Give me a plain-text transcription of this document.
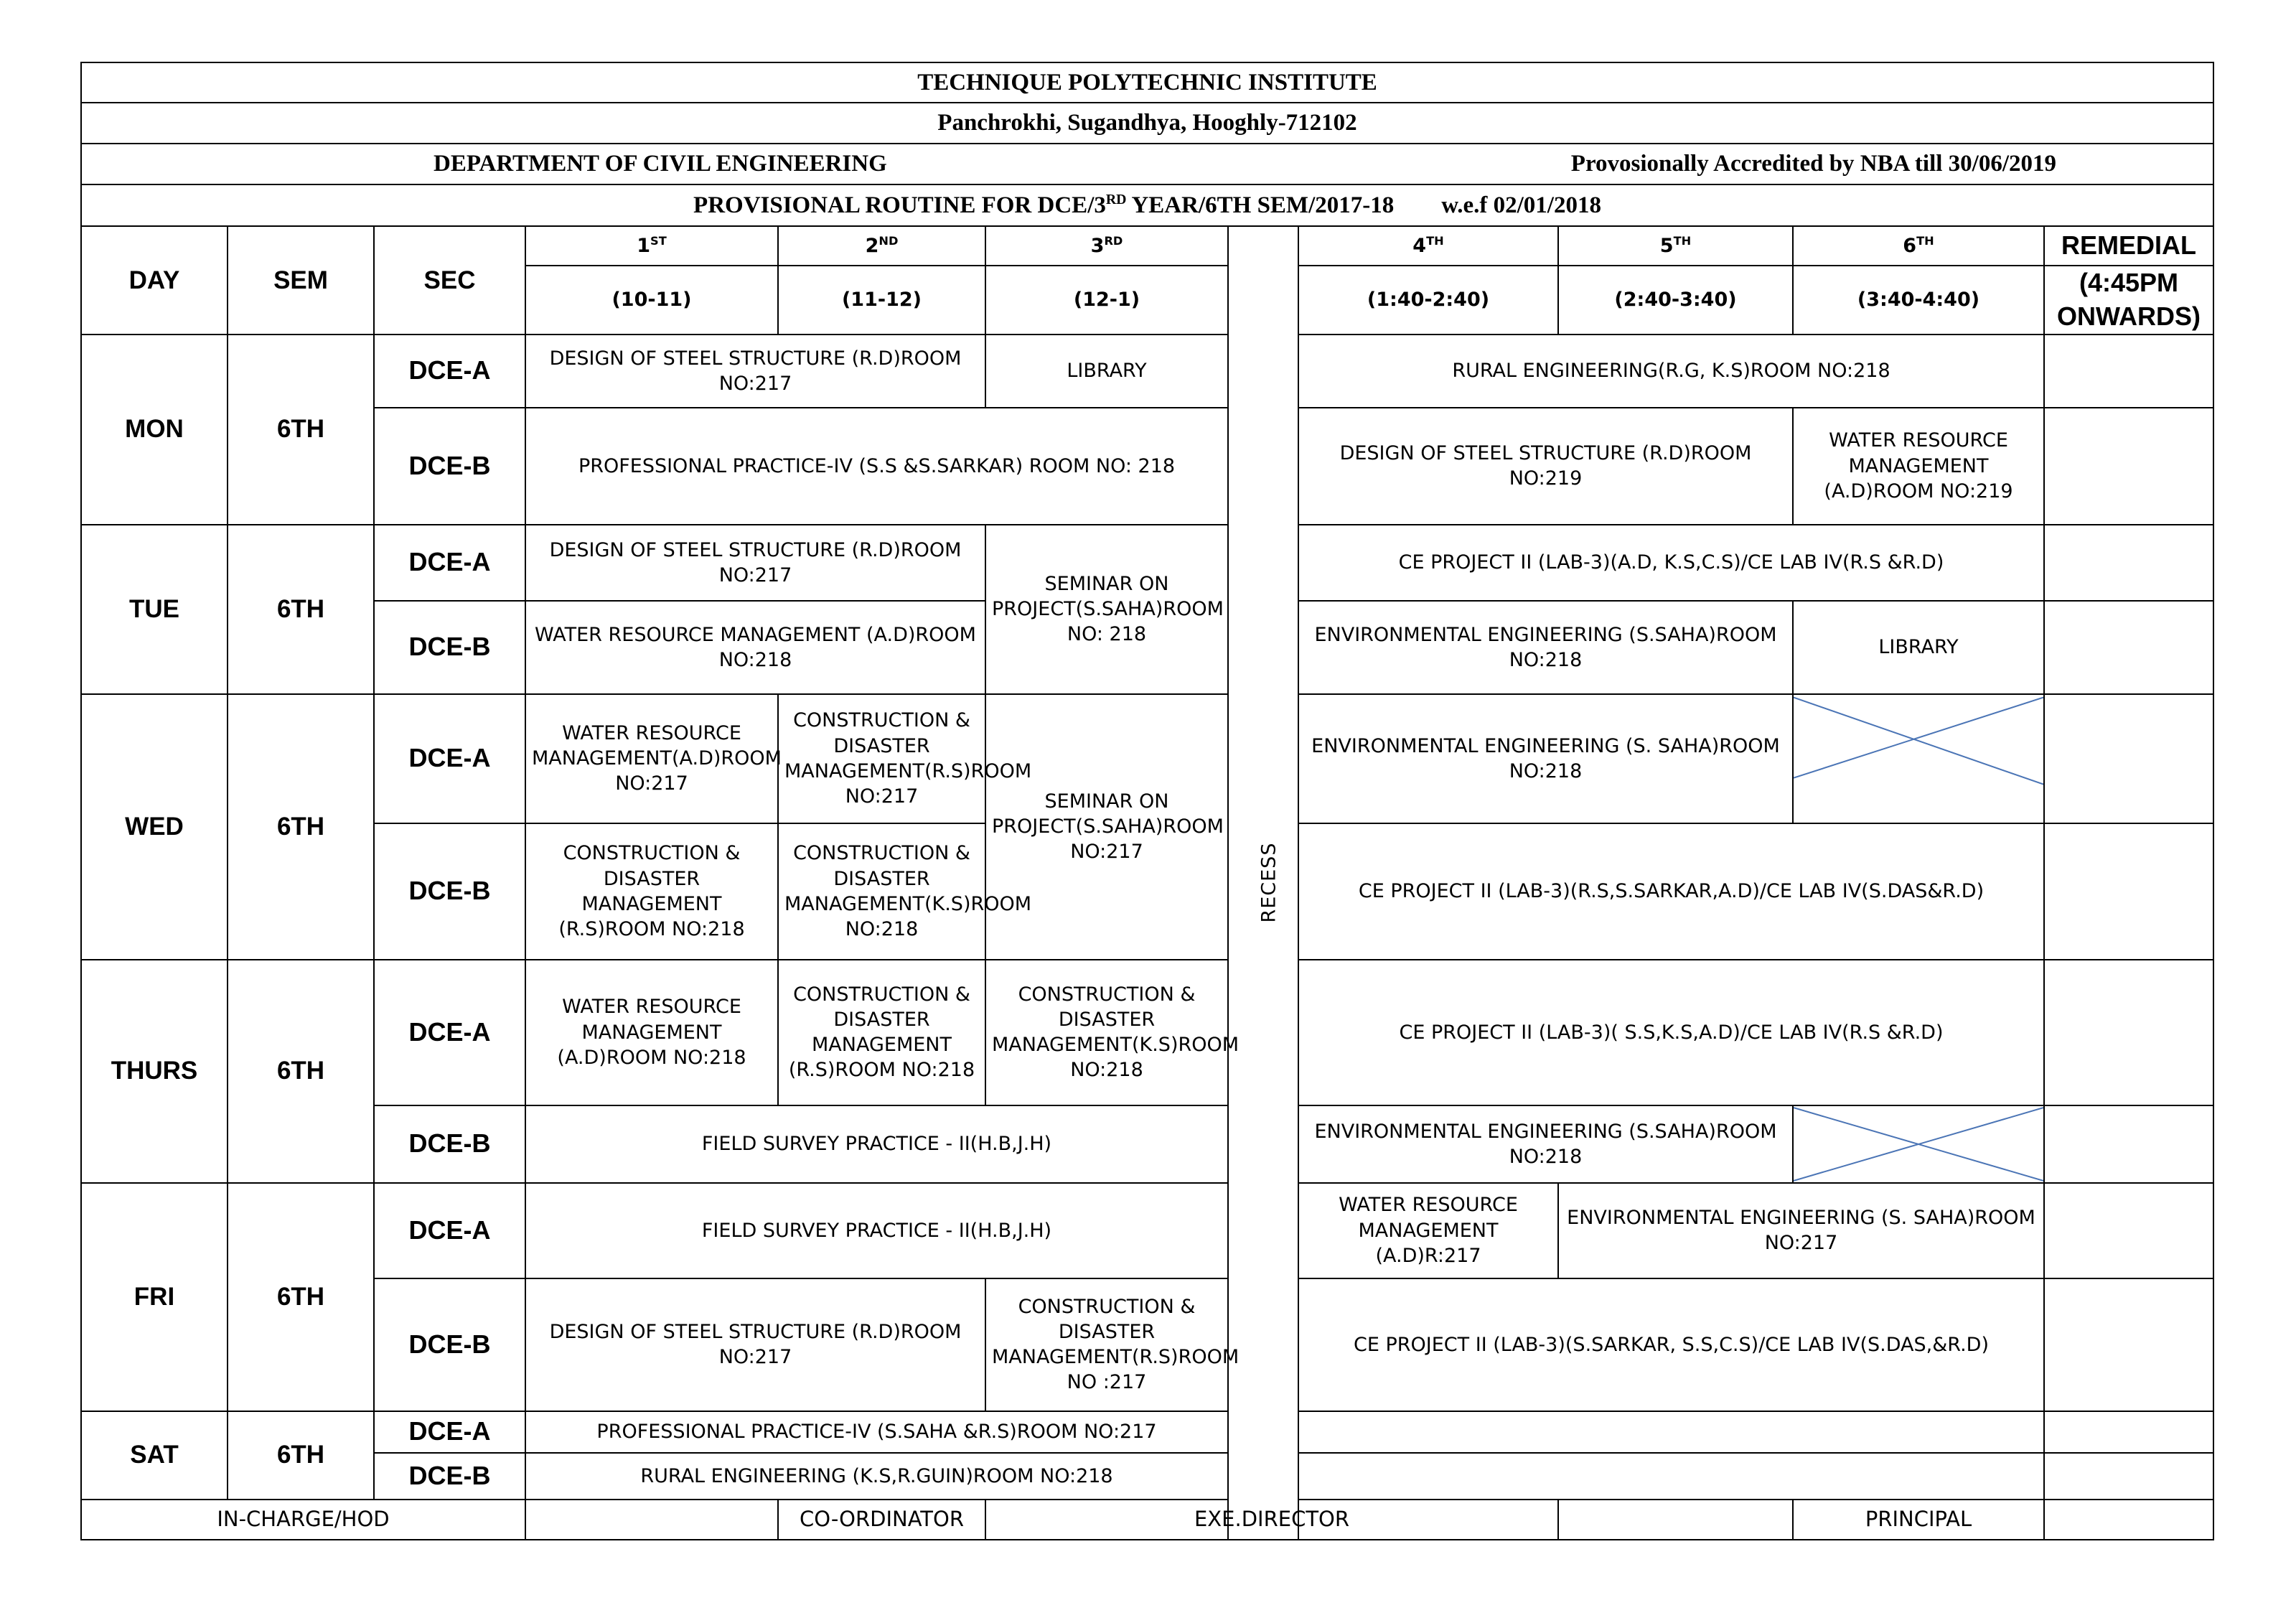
TECHNIQUE POLYTECHNIC INSTITUTE										
Panchrokhi, Sugandhya, Hooghly-712102										

DEPARTMENT OF CIVIL ENGINEERING Provosionally Accredited by NBA till 30/06/2019										

PROVISIONAL ROUTINE FOR DCE/3RD YEAR/6TH SEM/2017-18 w.e.f 02/01/2018										
DAY	SEM	SEC	1ST	2ND	3RD	RECESS	4TH	5TH	6TH	REMEDIAL
			(10-11)	(11-12)	(12-1)		(1:40-2:40)	(2:40-3:40)	(3:40-4:40)	(4:45PM ONWARDS)
MON	6TH	DCE-A	DESIGN OF STEEL STRUCTURE (R.D)ROOM NO:217		LIBRARY		RURAL ENGINEERING(R.G, K.S)ROOM NO:218			
		DCE-B	PROFESSIONAL PRACTICE-IV (S.S &S.SARKAR) ROOM NO: 218				DESIGN OF STEEL STRUCTURE (R.D)ROOM NO:219		WATER RESOURCE MANAGEMENT (A.D)ROOM NO:219	
TUE	6TH	DCE-A	DESIGN OF STEEL STRUCTURE (R.D)ROOM NO:217		SEMINAR ON PROJECT(S.SAHA)ROOM NO: 218		CE PROJECT II (LAB-3)(A.D, K.S,C.S)/CE LAB IV(R.S &R.D)			
		DCE-B	WATER RESOURCE MANAGEMENT (A.D)ROOM NO:218				ENVIRONMENTAL ENGINEERING (S.SAHA)ROOM NO:218		LIBRARY	
WED	6TH	DCE-A	WATER RESOURCE MANAGEMENT(A.D)ROOM NO:217	CONSTRUCTION & DISASTER MANAGEMENT(R.S)ROOM NO:217	SEMINAR ON PROJECT(S.SAHA)ROOM NO:217		ENVIRONMENTAL ENGINEERING (S. SAHA)ROOM NO:218	

		DCE-B	CONSTRUCTION & DISASTER MANAGEMENT (R.S)ROOM NO:218	CONSTRUCTION & DISASTER MANAGEMENT(K.S)ROOM NO:218			CE PROJECT II (LAB-3)(R.S,S.SARKAR,A.D)/CE LAB IV(S.DAS&R.D)			
THURS	6TH	DCE-A	WATER RESOURCE MANAGEMENT (A.D)ROOM NO:218	CONSTRUCTION & DISASTER MANAGEMENT (R.S)ROOM NO:218	CONSTRUCTION & DISASTER MANAGEMENT(K.S)ROOM NO:218		CE PROJECT II (LAB-3)( S.S,K.S,A.D)/CE LAB IV(R.S &R.D)			
		DCE-B	FIELD SURVEY PRACTICE - II(H.B,J.H)				ENVIRONMENTAL ENGINEERING (S.SAHA)ROOM NO:218	

FRI	6TH	DCE-A	FIELD SURVEY PRACTICE - II(H.B,J.H)				WATER RESOURCE MANAGEMENT (A.D)R:217	ENVIRONMENTAL ENGINEERING (S. SAHA)ROOM NO:217		
		DCE-B	DESIGN OF STEEL STRUCTURE (R.D)ROOM NO:217		CONSTRUCTION & DISASTER MANAGEMENT(R.S)ROOM NO :217		CE PROJECT II (LAB-3)(S.SARKAR, S.S,C.S)/CE LAB IV(S.DAS,&R.D)			
SAT	6TH	DCE-A	PROFESSIONAL PRACTICE-IV (S.SAHA &R.S)ROOM NO:217							
		DCE-B	RURAL ENGINEERING (K.S,R.GUIN)ROOM NO:218							
IN-CHARGE/HOD				CO-ORDINATOR	EXE.DIRECTOR				PRINCIPAL	
